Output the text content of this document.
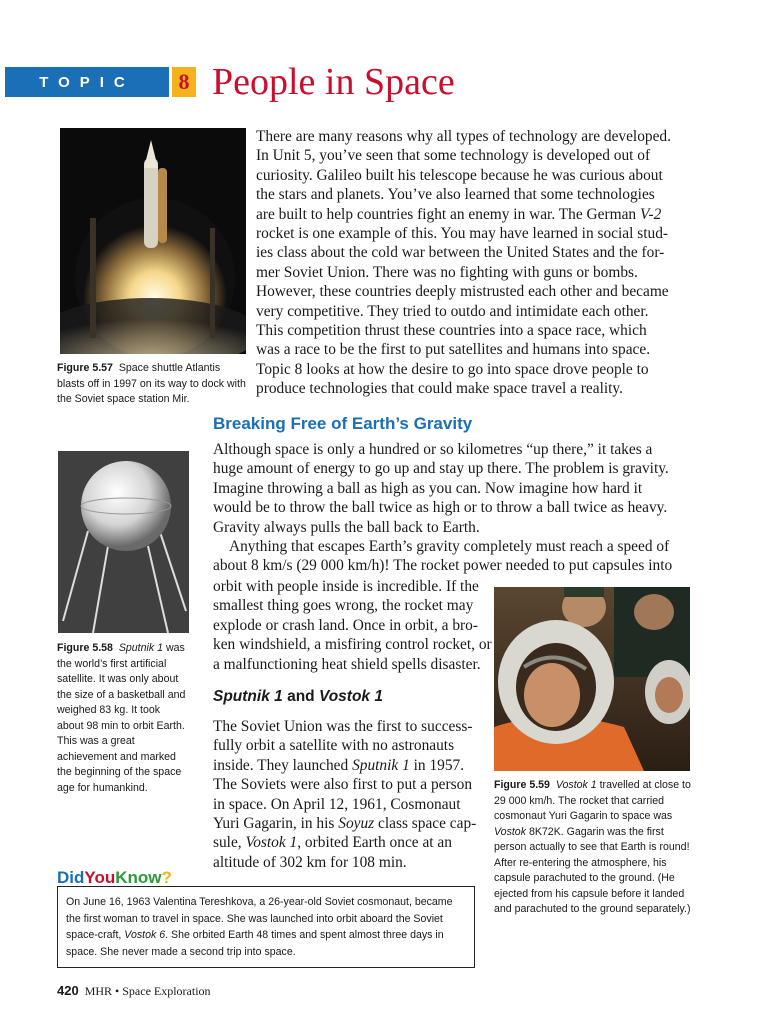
TOPIC	8 People in Space
Figure 5.57 Space shuttle Atlantis blasts off in 1997 on its way to dock with the Soviet space station Mir.
There are many reasons why all types of technology are developed.
In Unit 5, you’ve seen that some technology is developed out of
curiosity. Galileo built his telescope because he was curious about
the stars and planets. You’ve also learned that some technologies
are built to help countries fight an enemy in war. The German V-2
rocket is one example of this. You may have learned in social stud-
ies class about the cold war between the United States and the for-
mer Soviet Union. There was no fighting with guns or bombs.
However, these countries deeply mistrusted each other and became
very competitive. They tried to outdo and intimidate each other.
This competition thrust these countries into a space race, which
was a race to be the first to put satellites and humans into space.
Topic 8 looks at how the desire to go into space drove people to
produce technologies that could make space travel a reality.
Breaking Free of Earth’s Gravity

Although space is only a hundred or so kilometres “up there,” it takes a huge amount of energy to go up and stay up there. The problem is gravity. Imagine throwing a ball as high as you can. Now imagine how hard it would be to throw the ball twice as high or to throw a ball twice as heavy. Gravity always pulls the ball back to Earth.

Anything that escapes Earth’s gravity completely must reach a speed of about 8 km/s (29 000 km/h)! The rocket power needed to put capsules into

orbit with people inside is incredible. If the
smallest thing goes wrong, the rocket may
explode or crash land. Once in orbit, a bro-
ken windshield, a misfiring control rocket, or
a malfunctioning heat shield spells disaster.
Figure 5.58 Sputnik 1 was the world’s first artificial satellite. It was only about the size of a basketball and weighed 83 kg. It took about 98 min to orbit Earth. This was a great achievement and marked the beginning of the space age for humankind.
Sputnik 1 and Vostok 1
The Soviet Union was the first to success-
fully orbit a satellite with no astronauts
inside. They launched Sputnik 1 in 1957.
The Soviets were also first to put a person
in space. On April 12, 1961, Cosmonaut
Yuri Gagarin, in his Soyuz class space cap-
sule, Vostok 1, orbited Earth once at an
altitude of 302 km for 108 min.
Figure 5.59 Vostok 1 travelled at close to 29 000 km/h. The rocket that carried cosmonaut Yuri Gagarin to space was Vostok 8K72K. Gagarin was the first person actually to see that Earth is round! After re-entering the atmosphere, his capsule parachuted to the ground. (He ejected from his capsule before it landed and parachuted to the ground separately.)
DidYouKnow?
On June 16, 1963 Valentina Tereshkova, a 26-year-old Soviet cosmonaut, became the first woman to travel in space. She was launched into orbit aboard the Soviet space-craft, Vostok 6. She orbited Earth 48 times and spent almost three days in space. She never made a second trip into space.
420 MHR • Space Exploration
